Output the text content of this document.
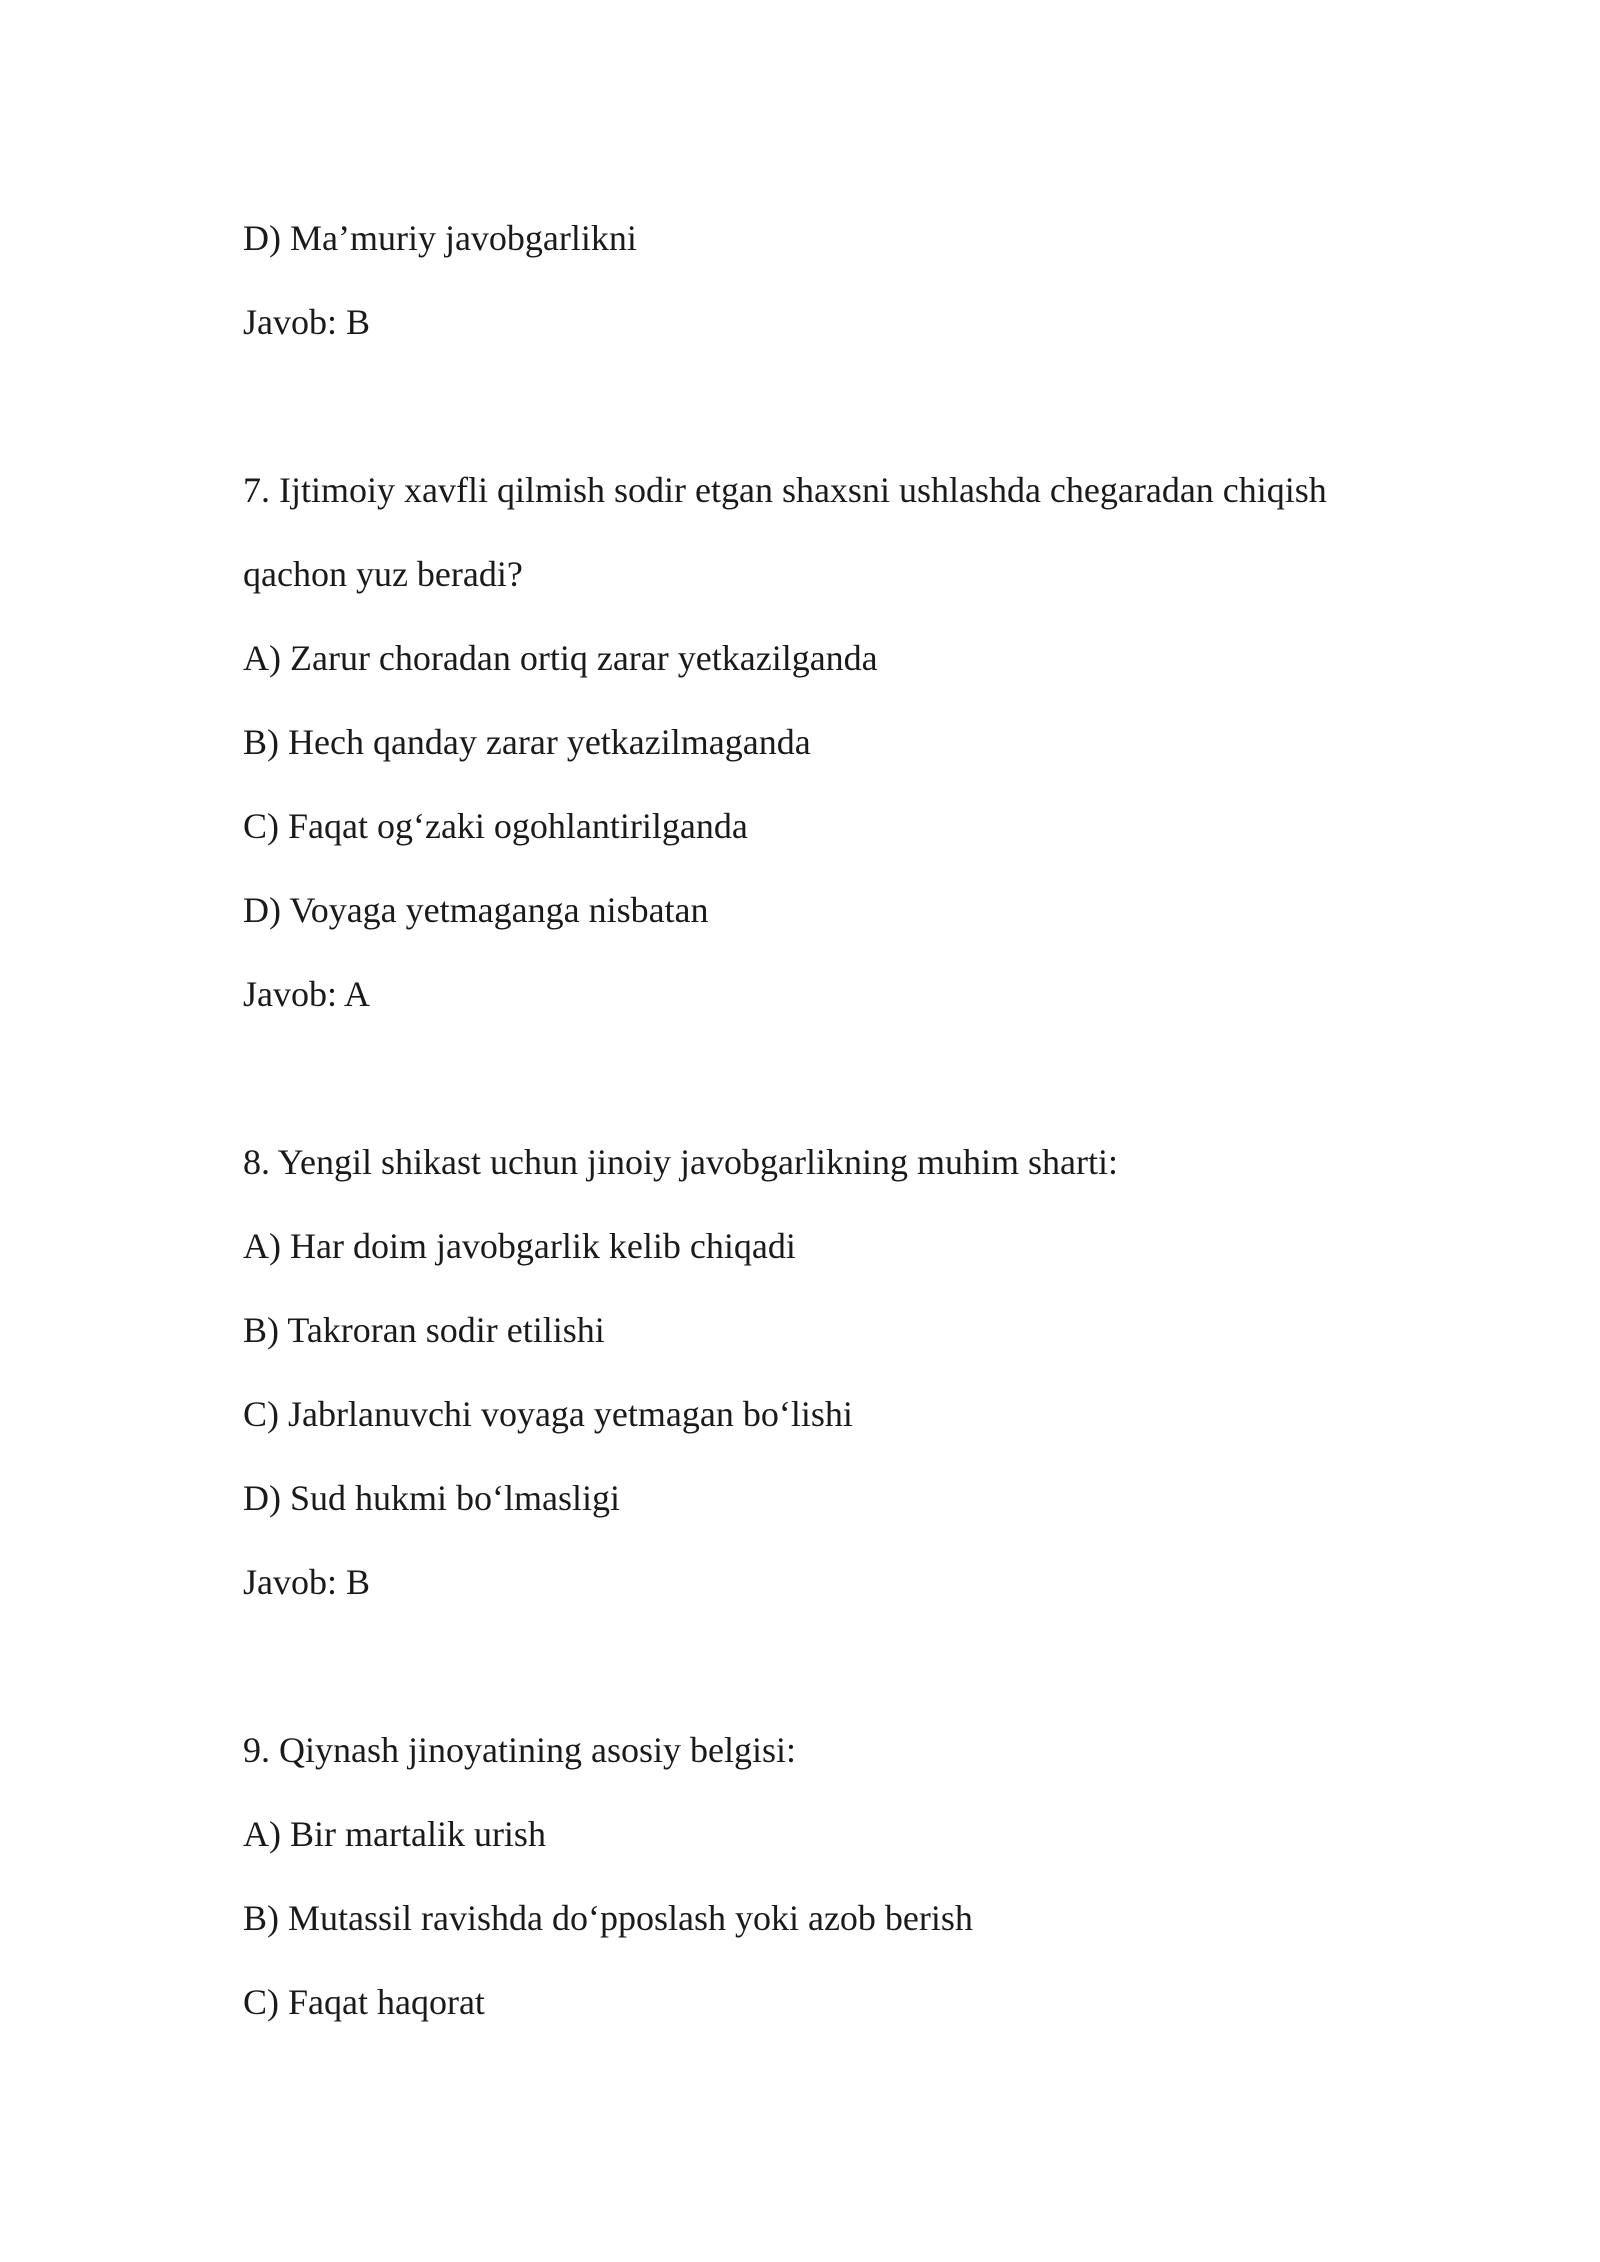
D) Ma’muriy javobgarlikni
Javob: B
7. Ijtimoiy xavfli qilmish sodir etgan shaxsni ushlashda chegaradan chiqish
qachon yuz beradi?
A) Zarur choradan ortiq zarar yetkazilganda
B) Hech qanday zarar yetkazilmaganda
C) Faqat og‘zaki ogohlantirilganda
D) Voyaga yetmaganga nisbatan
Javob: A
8. Yengil shikast uchun jinoiy javobgarlikning muhim sharti:
A) Har doim javobgarlik kelib chiqadi
B) Takroran sodir etilishi
C) Jabrlanuvchi voyaga yetmagan bo‘lishi
D) Sud hukmi bo‘lmasligi
Javob: B
9. Qiynash jinoyatining asosiy belgisi:
A) Bir martalik urish
B) Mutassil ravishda do‘pposlash yoki azob berish
C) Faqat haqorat
